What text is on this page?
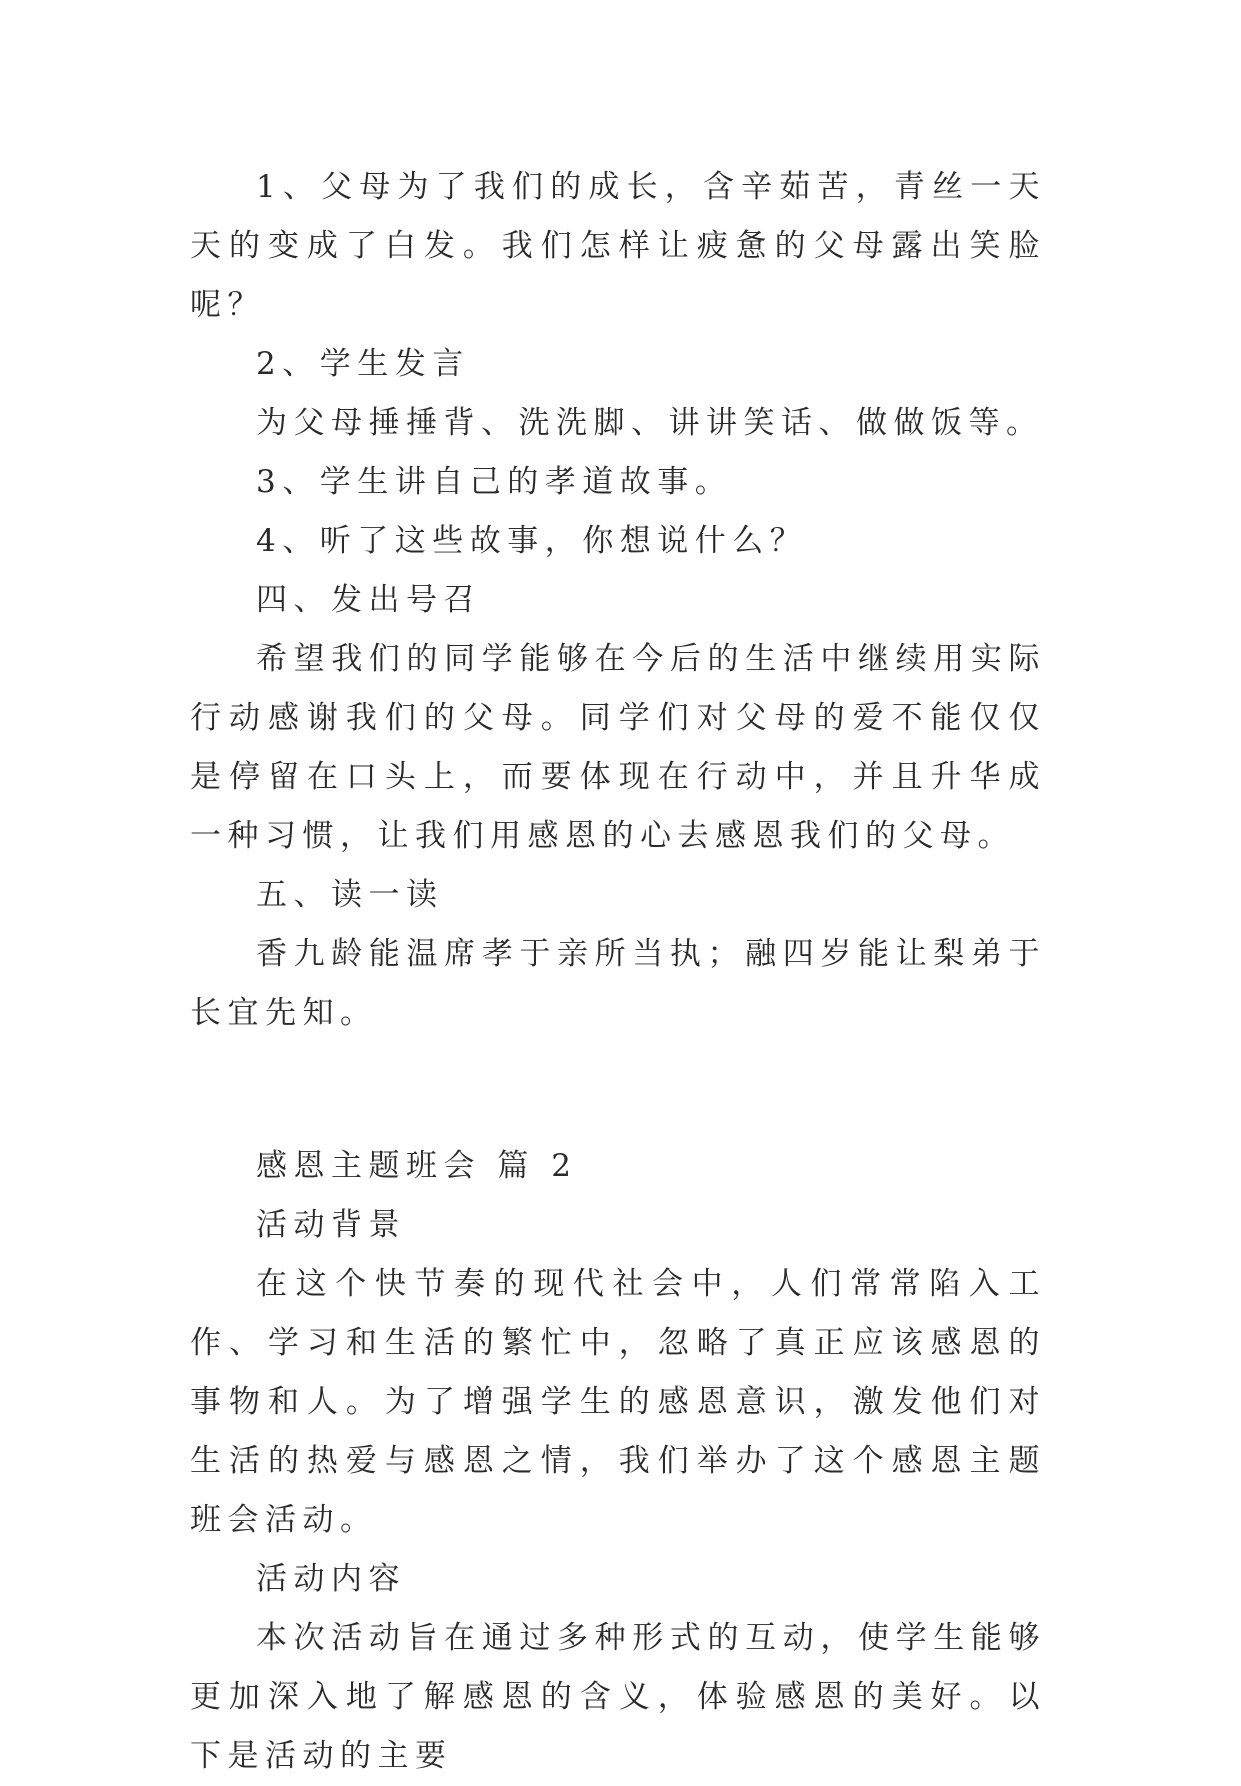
1、父母为了我们的成长，含辛茹苦，青丝一天天的变成了白发。我们怎样让疲惫的父母露出笑脸呢？

2、学生发言

为父母捶捶背、洗洗脚、讲讲笑话、做做饭等。

3、学生讲自己的孝道故事。

4、听了这些故事，你想说什么？

四、发出号召

希望我们的同学能够在今后的生活中继续用实际行动感谢我们的父母。同学们对父母的爱不能仅仅是停留在口头上，而要体现在行动中，并且升华成一种习惯，让我们用感恩的心去感恩我们的父母。

五、读一读

香九龄能温席孝于亲所当执；融四岁能让梨弟于长宜先知。

感恩主题班会 篇 2

活动背景

在这个快节奏的现代社会中，人们常常陷入工作、学习和生活的繁忙中，忽略了真正应该感恩的事物和人。为了增强学生的感恩意识，激发他们对生活的热爱与感恩之情，我们举办了这个感恩主题班会活动。

活动内容

本次活动旨在通过多种形式的互动，使学生能够更加深入地了解感恩的含义，体验感恩的美好。以下是活动的主要
